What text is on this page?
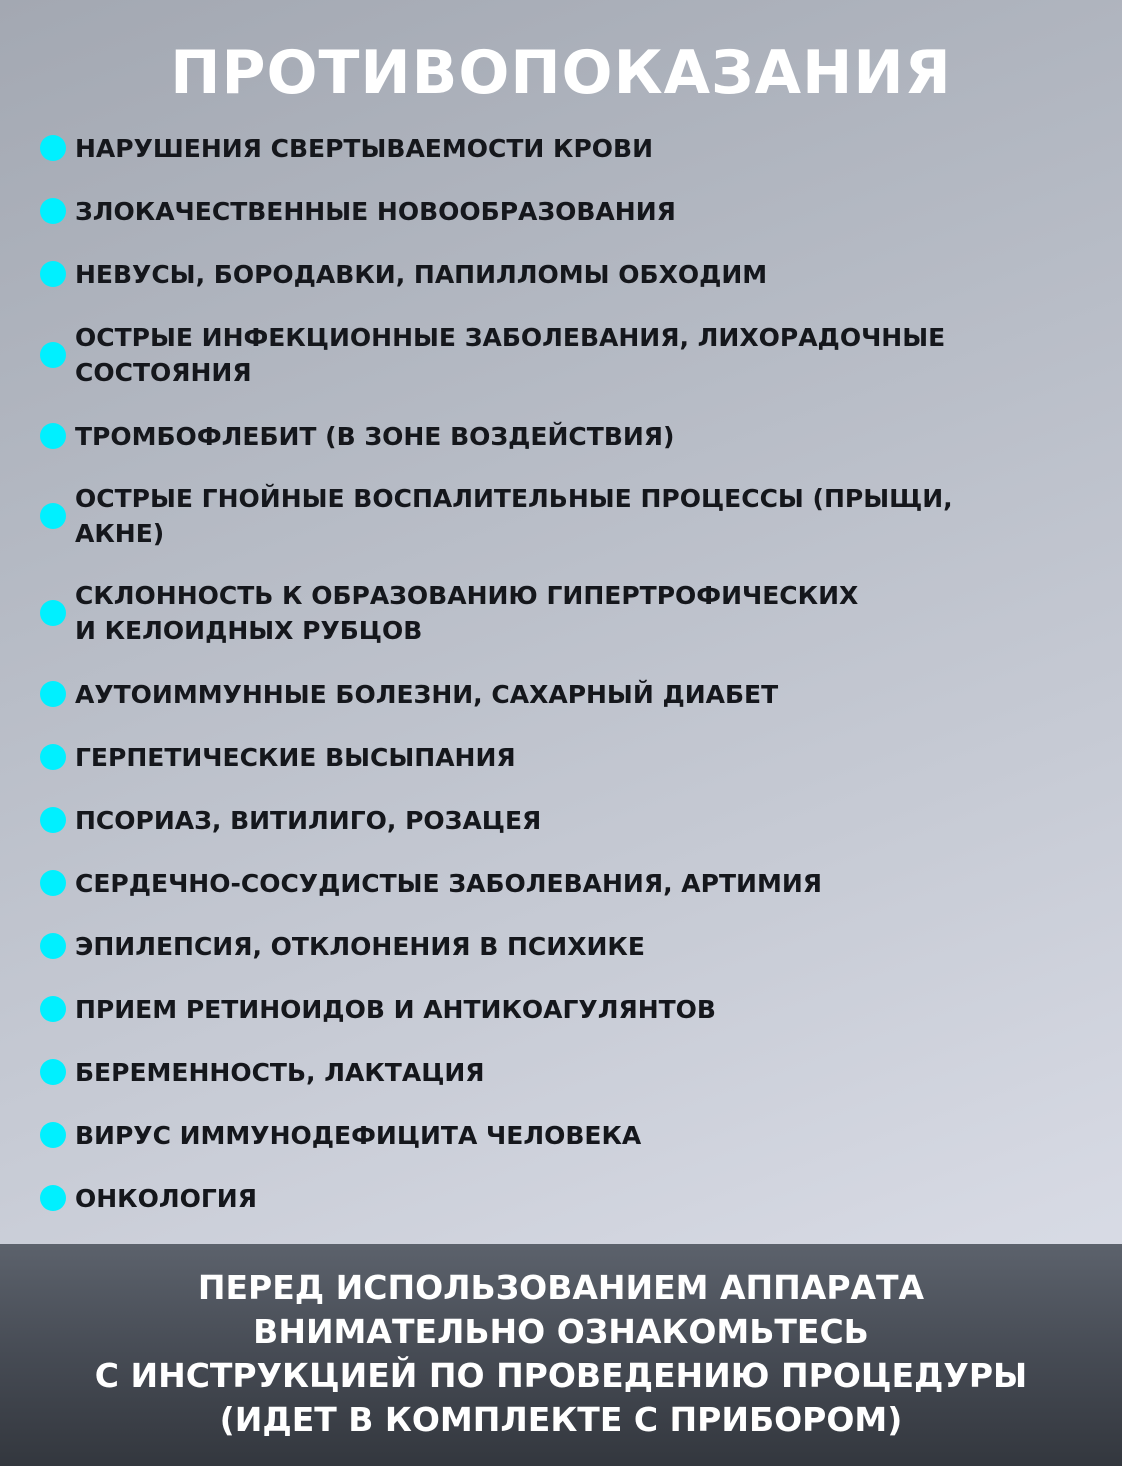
ПРОТИВОПОКАЗАНИЯ
НАРУШЕНИЯ СВЕРТЫВАЕМОСТИ КРОВИ
ЗЛОКАЧЕСТВЕННЫЕ НОВООБРАЗОВАНИЯ
НЕВУСЫ, БОРОДАВКИ, ПАПИЛЛОМЫ ОБХОДИМ
ОСТРЫЕ ИНФЕКЦИОННЫЕ ЗАБОЛЕВАНИЯ, ЛИХОРАДОЧНЫЕ
СОСТОЯНИЯ
ТРОМБОФЛЕБИТ (В ЗОНЕ ВОЗДЕЙСТВИЯ)
ОСТРЫЕ ГНОЙНЫЕ ВОСПАЛИТЕЛЬНЫЕ ПРОЦЕССЫ (ПРЫЩИ,
АКНЕ)
СКЛОННОСТЬ К ОБРАЗОВАНИЮ ГИПЕРТРОФИЧЕСКИХ
И КЕЛОИДНЫХ РУБЦОВ
АУТОИММУННЫЕ БОЛЕЗНИ, САХАРНЫЙ ДИАБЕТ
ГЕРПЕТИЧЕСКИЕ ВЫСЫПАНИЯ
ПСОРИАЗ, ВИТИЛИГО, РОЗАЦЕЯ
СЕРДЕЧНО-СОСУДИСТЫЕ ЗАБОЛЕВАНИЯ, АРТИМИЯ
ЭПИЛЕПСИЯ, ОТКЛОНЕНИЯ В ПСИХИКЕ
ПРИЕМ РЕТИНОИДОВ И АНТИКОАГУЛЯНТОВ
БЕРЕМЕННОСТЬ, ЛАКТАЦИЯ
ВИРУС ИММУНОДЕФИЦИТА ЧЕЛОВЕКА
ОНКОЛОГИЯ
ПЕРЕД ИСПОЛЬЗОВАНИЕМ АППАРАТА
ВНИМАТЕЛЬНО ОЗНАКОМЬТЕСЬ
С ИНСТРУКЦИЕЙ ПО ПРОВЕДЕНИЮ ПРОЦЕДУРЫ
(ИДЕТ В КОМПЛЕКТЕ С ПРИБОРОМ)
